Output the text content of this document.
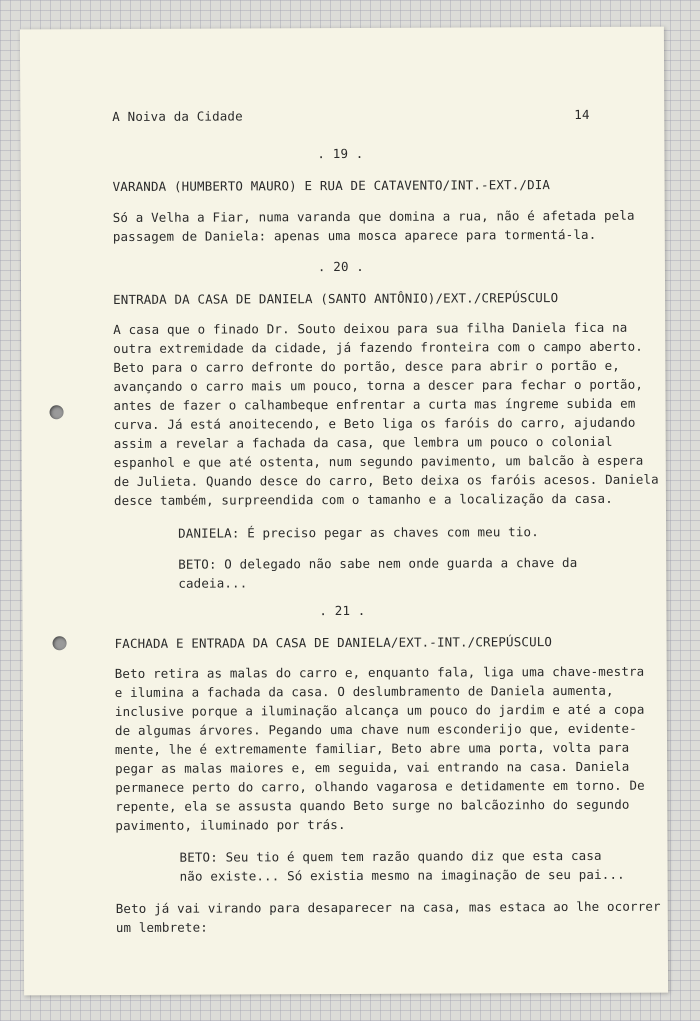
A Noiva da Cidade	14
. 19 .
VARANDA (HUMBERTO MAURO) E RUA DE CATAVENTO/INT.-EXT./DIA
Só a Velha a Fiar, numa varanda que domina a rua, não é afetada pela
passagem de Daniela: apenas uma mosca aparece para tormentá-la.
. 20 .
ENTRADA DA CASA DE DANIELA (SANTO ANTÔNIO)/EXT./CREPÚSCULO
A casa que o finado Dr. Souto deixou para sua filha Daniela fica na
outra extremidade da cidade, já fazendo fronteira com o campo aberto.
Beto para o carro defronte do portão, desce para abrir o portão e,
avançando o carro mais um pouco, torna a descer para fechar o portão,
antes de fazer o calhambeque enfrentar a curta mas íngreme subida em
curva. Já está anoitecendo, e Beto liga os faróis do carro, ajudando
assim a revelar a fachada da casa, que lembra um pouco o colonial
espanhol e que até ostenta, num segundo pavimento, um balcão à espera
de Julieta. Quando desce do carro, Beto deixa os faróis acesos. Daniela
desce também, surpreendida com o tamanho e a localização da casa.
DANIELA: É preciso pegar as chaves com meu tio.
BETO: O delegado não sabe nem onde guarda a chave da
cadeia...
. 21 .
FACHADA E ENTRADA DA CASA DE DANIELA/EXT.-INT./CREPÚSCULO
Beto retira as malas do carro e, enquanto fala, liga uma chave-mestra
e ilumina a fachada da casa. O deslumbramento de Daniela aumenta,
inclusive porque a iluminação alcança um pouco do jardim e até a copa
de algumas árvores. Pegando uma chave num esconderijo que, evidente-
mente, lhe é extremamente familiar, Beto abre uma porta, volta para
pegar as malas maiores e, em seguida, vai entrando na casa. Daniela
permanece perto do carro, olhando vagarosa e detidamente em torno. De
repente, ela se assusta quando Beto surge no balcãozinho do segundo
pavimento, iluminado por trás.
BETO: Seu tio é quem tem razão quando diz que esta casa
não existe... Só existia mesmo na imaginação de seu pai...
Beto já vai virando para desaparecer na casa, mas estaca ao lhe ocorrer
um lembrete:
